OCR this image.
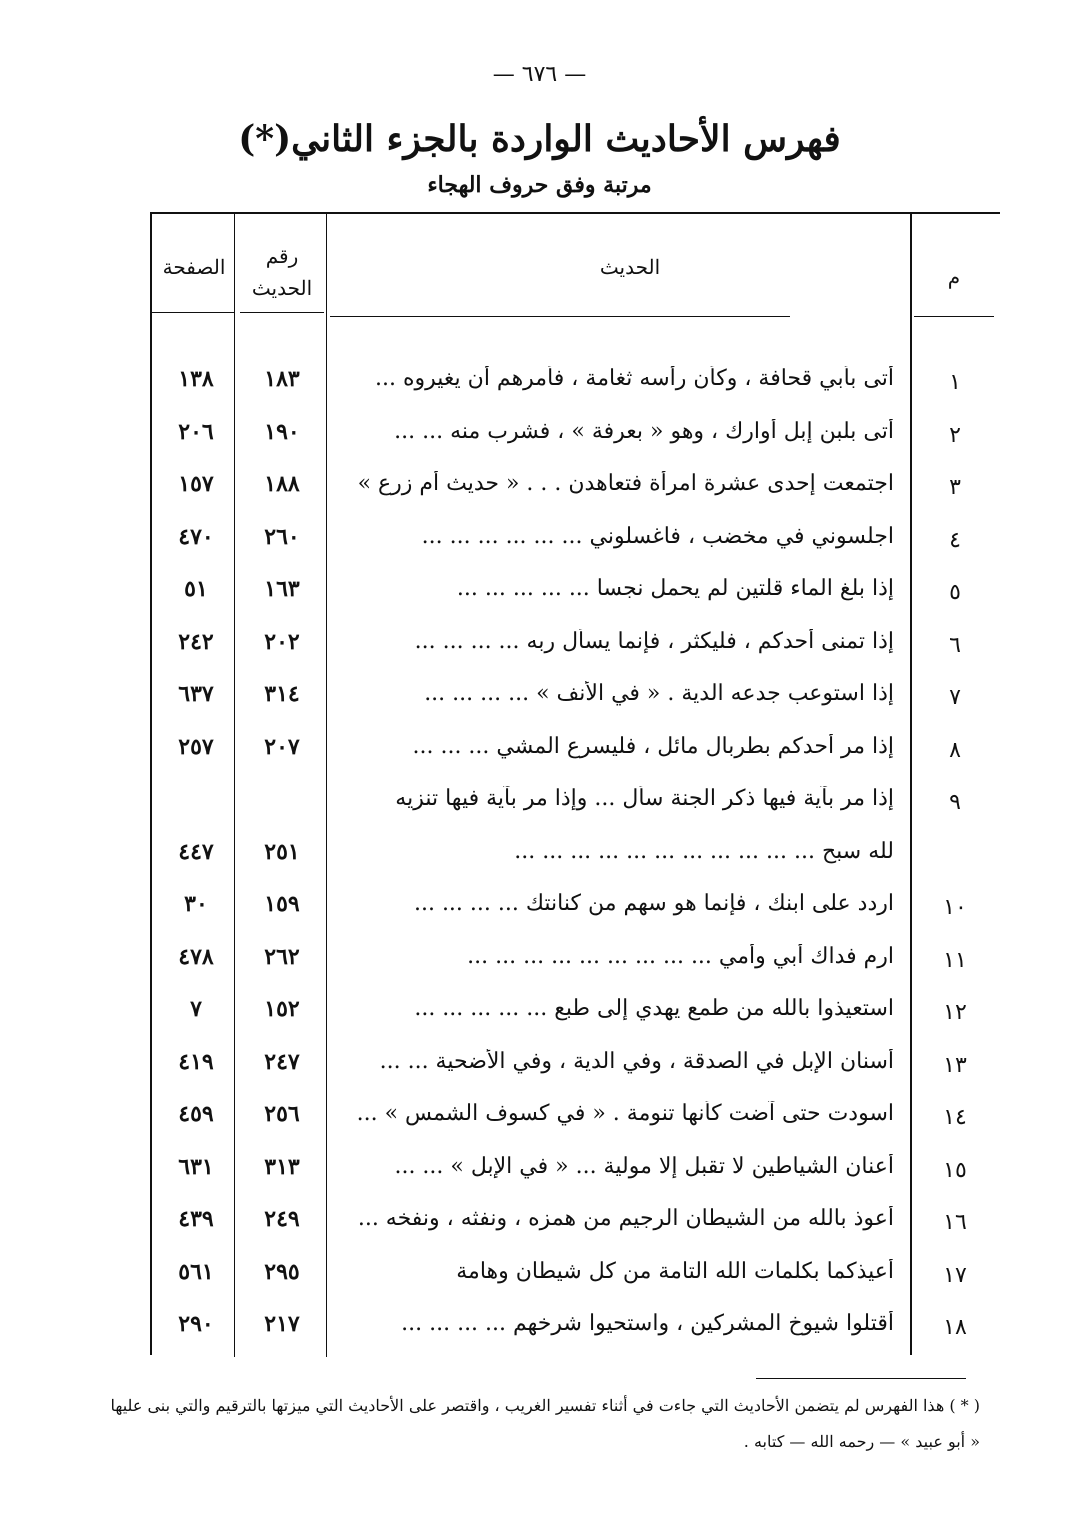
— ٦٧٦ —
فهرس الأحاديث الواردة بالجزء الثاني(*)
مرتبة وفق حروف الهجاء
الصفحة	رقم الحديث
الحديث	م
١
أتى بأبي قحافة ، وكأن رأسه ثغامة ، فأمرهم أن يغيروه ...
١٨٣
١٣٨
٢
أتى بلبن إبل أوارك ، وهو « بعرفة » ، فشرب منه ... ...
١٩٠
٢٠٦
٣
اجتمعت إحدى عشرة امرأة فتعاهدن . . . « حديث أم زرع »
١٨٨
١٥٧
٤
اجلسوني في مخضب ، فاغسلوني ... ... ... ... ... ...
٢٦٠
٤٧٠
٥
إذا بلغ الماء قلتين لم يحمل نجسا ... ... ... ... ...
١٦٣
٥١
٦
إذا تمنى أحدكم ، فليكثر ، فإنما يسأل ربه ... ... ... ...
٢٠٢
٢٤٢
٧
إذا استوعب جدعه الدية . « في الأنف » ... ... ... ...
٣١٤
٦٣٧
٨
إذا مر أحدكم بطربال مائل ، فليسرع المشي ... ... ...
٢٠٧
٢٥٧
٩
إذا مر بآية فيها ذكر الجنة سأل ... وإذا مر بآية فيها تنزيه
لله سبح ... ... ... ... ... ... ... ... ... ... ...
٢٥١
٤٤٧
١٠
اردد على ابنك ، فإنما هو سهم من كنانتك ... ... ... ...
١٥٩
٣٠
١١
ارم فداك أبي وأمي ... ... ... ... ... ... ... ... ...
٢٦٢
٤٧٨
١٢
استعيذوا بالله من طمع يهدي إلى طبع ... ... ... ... ...
١٥٢
٧
١٣
أسنان الإبل في الصدقة ، وفي الدية ، وفي الأضحية ... ...
٢٤٧
٤١٩
١٤
اسودت حتى آضت كأنها تنومة . « في كسوف الشمس » ...
٢٥٦
٤٥٩
١٥
أعنان الشياطين لا تقبل إلا مولية ... « في الإبل » ... ...
٣١٣
٦٣١
١٦
أعوذ بالله من الشيطان الرجيم من همزه ، ونفثه ، ونفخه ...
٢٤٩
٤٣٩
١٧
أعيذكما بكلمات الله التامة من كل شيطان وهامة
٢٩٥
٥٦١
١٨
أقتلوا شيوخ المشركين ، واستحيوا شرخهم ... ... ... ...
٢١٧
٢٩٠
( * ) هذا الفهرس لم يتضمن الأحاديث التي جاءت في أثناء تفسير الغريب ، واقتصر على الأحاديث التي ميزتها بالترقيم والتي بنى عليها « أبو عبيد » — رحمه الله — كتابه .
